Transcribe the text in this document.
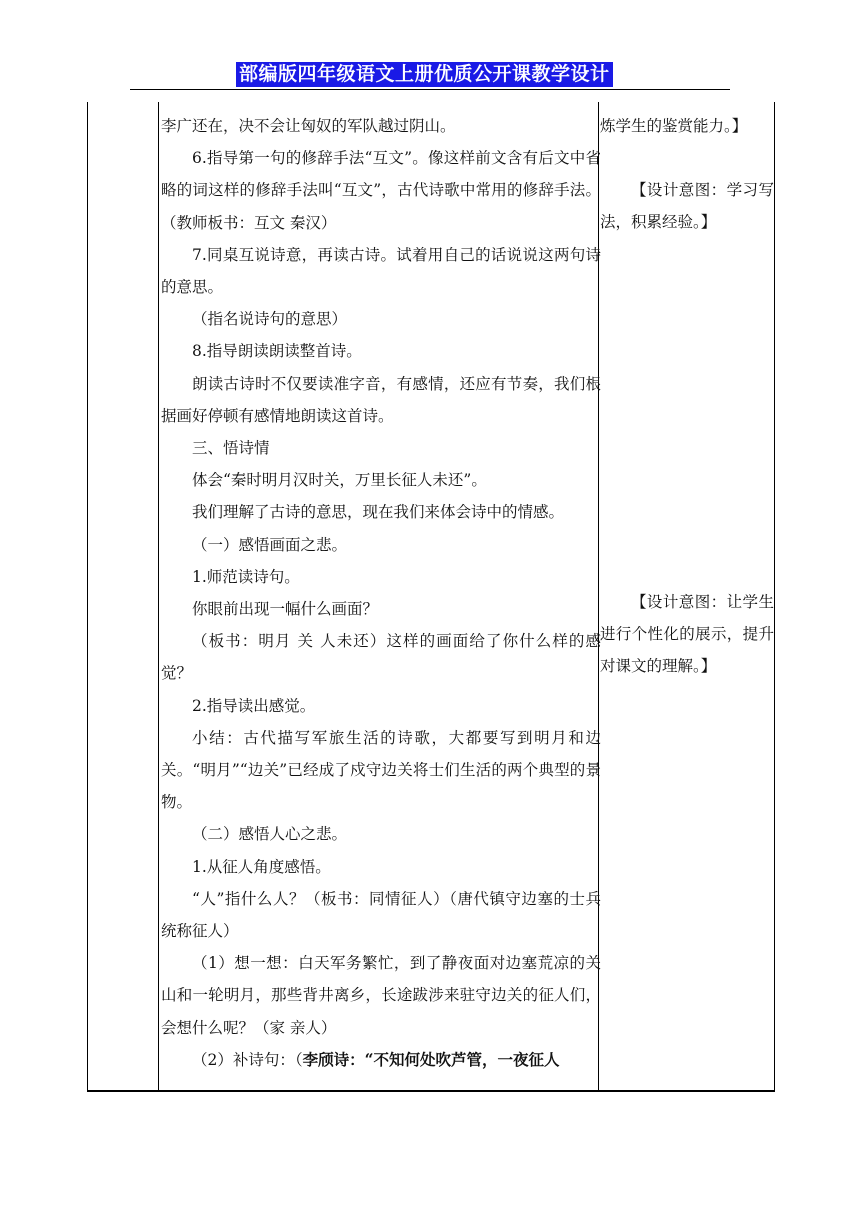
部编版四年级语文上册优质公开课教学设计

李广还在，决不会让匈奴的军队越过阴山。

6.指导第一句的修辞手法“互文”。像这样前文含有后文中省略的词这样的修辞手法叫“互文”，古代诗歌中常用的修辞手法。（教师板书：互文 秦汉）

7.同桌互说诗意，再读古诗。试着用自己的话说说这两句诗的意思。

（指名说诗句的意思）

8.指导朗读朗读整首诗。

朗读古诗时不仅要读准字音，有感情，还应有节奏，我们根据画好停顿有感情地朗读这首诗。

三、悟诗情

体会“秦时明月汉时关，万里长征人未还”。

我们理解了古诗的意思，现在我们来体会诗中的情感。

（一）感悟画面之悲。

1.师范读诗句。

你眼前出现一幅什么画面？

（板书：明月 关 人未还）这样的画面给了你什么样的感觉？

2.指导读出感觉。

小结：古代描写军旅生活的诗歌，大都要写到明月和边关。“明月”“边关”已经成了戍守边关将士们生活的两个典型的景物。

（二）感悟人心之悲。

1.从征人角度感悟。

“人”指什么人？（板书：同情征人）（唐代镇守边塞的士兵统称征人）

（1）想一想：白天军务繁忙，到了静夜面对边塞荒凉的关山和一轮明月，那些背井离乡，长途跋涉来驻守边关的征人们，会想什么呢？（家 亲人）

（2）补诗句：（李颀诗：“不知何处吹芦管，一夜征人

炼学生的鉴赏能力。】

【设计意图：学习写法，积累经验。】

【设计意图：让学生进行个性化的展示，提升对课文的理解。】
